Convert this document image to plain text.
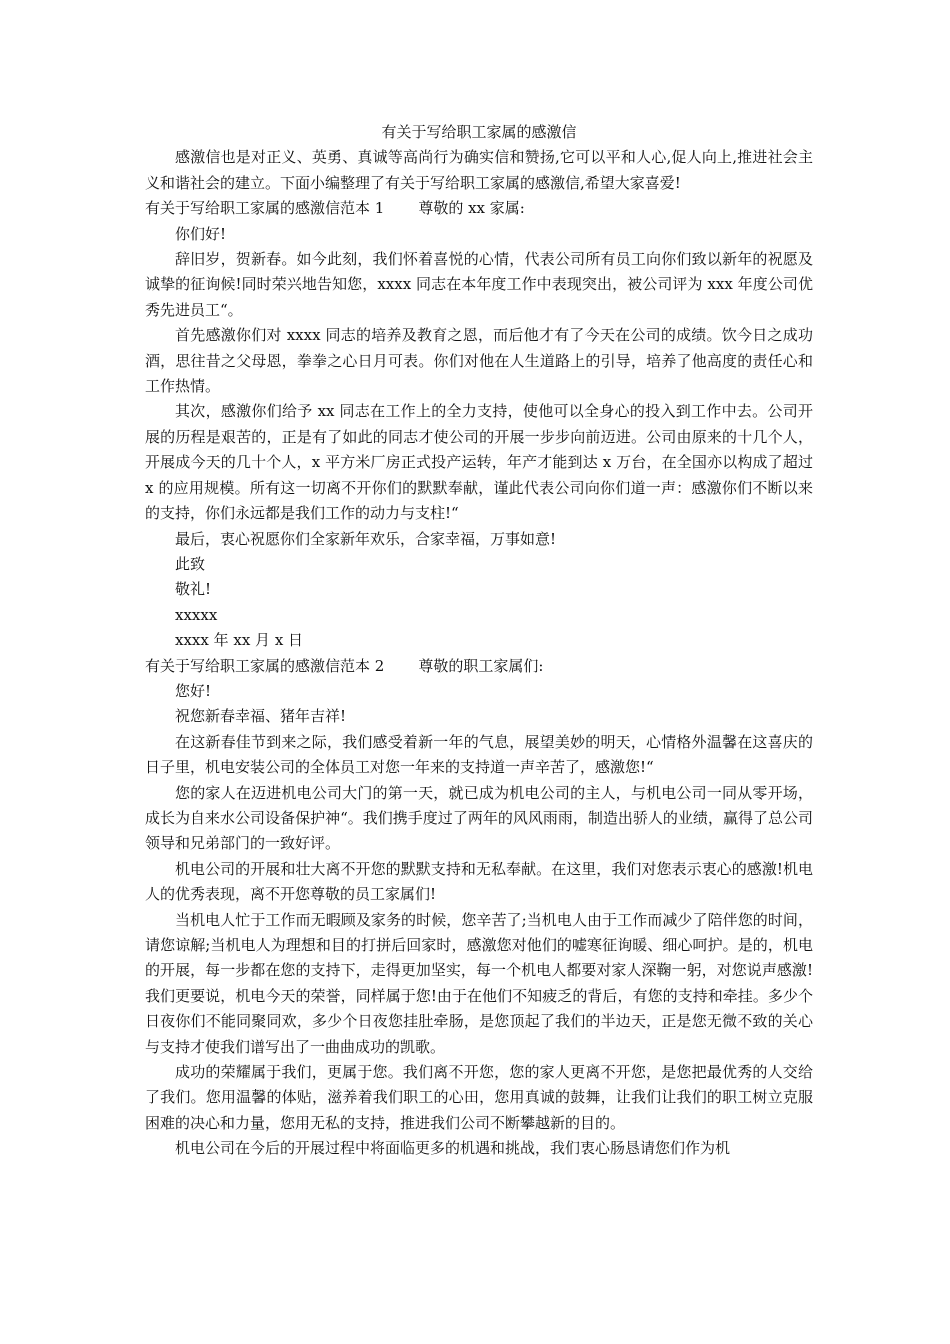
有关于写给职工家属的感激信

感激信也是对正义、英勇、真诚等高尚行为确实信和赞扬,它可以平和人心,促人向上,推进社会主义和谐社会的建立。下面小编整理了有关于写给职工家属的感激信,希望大家喜爱!

有关于写给职工家属的感激信范本 1 尊敬的 xx 家属:

你们好!

辞旧岁，贺新春。如今此刻，我们怀着喜悦的心情，代表公司所有员工向你们致以新年的祝愿及诚挚的征询候!同时荣兴地告知您，xxxx 同志在本年度工作中表现突出，被公司评为 xxx 年度公司优秀先进员工“。

首先感激你们对 xxxx 同志的培养及教育之恩，而后他才有了今天在公司的成绩。饮今日之成功酒，思往昔之父母恩，拳拳之心日月可表。你们对他在人生道路上的引导，培养了他高度的责任心和工作热情。

其次，感激你们给予 xx 同志在工作上的全力支持，使他可以全身心的投入到工作中去。公司开展的历程是艰苦的，正是有了如此的同志才使公司的开展一步步向前迈进。公司由原来的十几个人，开展成今天的几十个人，x 平方米厂房正式投产运转，年产才能到达 x 万台，在全国亦以构成了超过 x 的应用规模。所有这一切离不开你们的默默奉献，谨此代表公司向你们道一声：感激你们不断以来的支持，你们永远都是我们工作的动力与支柱!“

最后，衷心祝愿你们全家新年欢乐，合家幸福，万事如意!

此致

敬礼!

xxxxx

xxxx 年 xx 月 x 日

有关于写给职工家属的感激信范本 2 尊敬的职工家属们:

您好!

祝您新春幸福、猪年吉祥!

在这新春佳节到来之际，我们感受着新一年的气息，展望美妙的明天，心情格外温馨在这喜庆的日子里，机电安装公司的全体员工对您一年来的支持道一声辛苦了，感激您!“

您的家人在迈进机电公司大门的第一天，就已成为机电公司的主人，与机电公司一同从零开场，成长为自来水公司设备保护神“。我们携手度过了两年的风风雨雨，制造出骄人的业绩，赢得了总公司领导和兄弟部门的一致好评。

机电公司的开展和壮大离不开您的默默支持和无私奉献。在这里，我们对您表示衷心的感激!机电人的优秀表现，离不开您尊敬的员工家属们!

当机电人忙于工作而无暇顾及家务的时候，您辛苦了;当机电人由于工作而减少了陪伴您的时间，请您谅解;当机电人为理想和目的打拼后回家时，感激您对他们的嘘寒征询暖、细心呵护。是的，机电的开展，每一步都在您的支持下，走得更加坚实，每一个机电人都要对家人深鞠一躬，对您说声感激!我们更要说，机电今天的荣誉，同样属于您!由于在他们不知疲乏的背后，有您的支持和牵挂。多少个日夜你们不能同聚同欢，多少个日夜您挂肚牵肠，是您顶起了我们的半边天，正是您无微不致的关心与支持才使我们谱写出了一曲曲成功的凯歌。

成功的荣耀属于我们，更属于您。我们离不开您，您的家人更离不开您，是您把最优秀的人交给了我们。您用温馨的体贴，滋养着我们职工的心田，您用真诚的鼓舞，让我们让我们的职工树立克服困难的决心和力量，您用无私的支持，推进我们公司不断攀越新的目的。

机电公司在今后的开展过程中将面临更多的机遇和挑战，我们衷心肠恳请您们作为机
